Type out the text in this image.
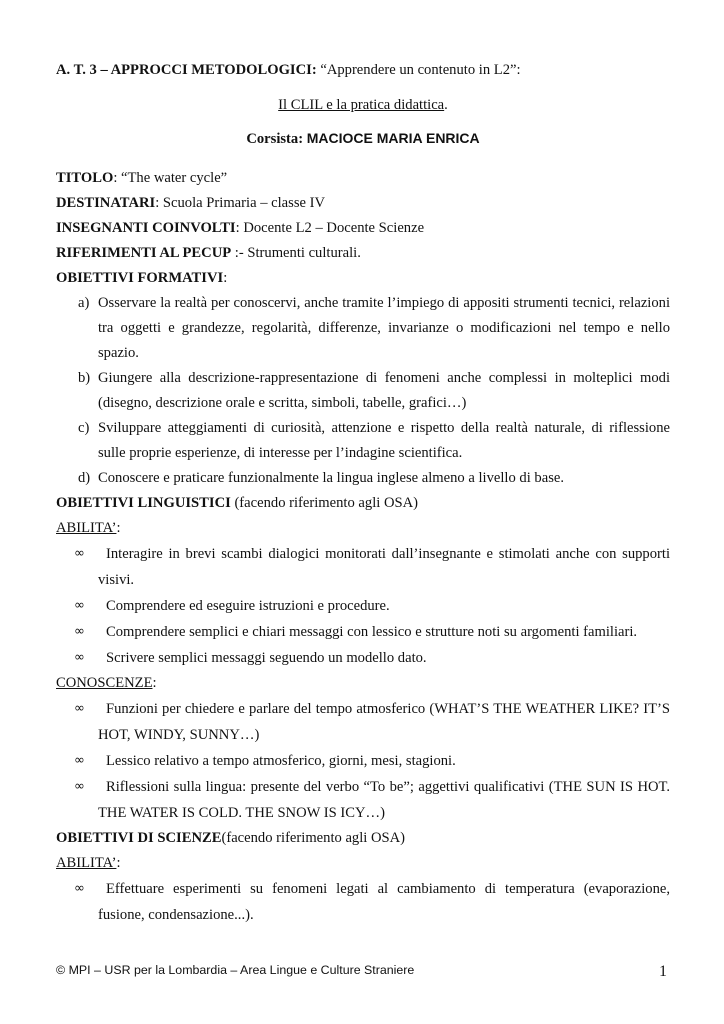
A. T. 3 – APPROCCI METODOLOGICI: “Apprendere un contenuto in L2”:
Il CLIL e la pratica didattica.
Corsista: MACIOCE MARIA ENRICA
TITOLO: “The water cycle”
DESTINATARI: Scuola Primaria – classe IV
INSEGNANTI COINVOLTI: Docente L2 – Docente Scienze
RIFERIMENTI AL PECUP :- Strumenti culturali.
OBIETTIVI FORMATIVI:
a) Osservare la realtà per conoscervi, anche tramite l’impiego di appositi strumenti tecnici, relazioni tra oggetti e grandezze, regolarità, differenze, invarianze o modificazioni nel tempo e nello spazio.
b) Giungere alla descrizione-rappresentazione di fenomeni anche complessi in molteplici modi (disegno, descrizione orale e scritta, simboli, tabelle, grafici…)
c) Sviluppare atteggiamenti di curiosità, attenzione e rispetto della realtà naturale, di riflessione sulle proprie esperienze, di interesse per l’indagine scientifica.
d) Conoscere e praticare funzionalmente la lingua inglese almeno a livello di base.
OBIETTIVI LINGUISTICI (facendo riferimento agli OSA)
ABILITA’:
∞ Interagire in brevi scambi dialogici monitorati dall’insegnante e stimolati anche con supporti visivi.
∞ Comprendere ed eseguire istruzioni e procedure.
∞ Comprendere semplici e chiari messaggi con lessico e strutture noti su argomenti familiari.
∞ Scrivere semplici messaggi seguendo un modello dato.
CONOSCENZE:
∞ Funzioni per chiedere e parlare del tempo atmosferico (WHAT’S THE WEATHER LIKE? IT’S HOT, WINDY, SUNNY…)
∞ Lessico relativo a tempo atmosferico, giorni, mesi, stagioni.
∞ Riflessioni sulla lingua: presente del verbo “To be”; aggettivi qualificativi (THE SUN IS HOT. THE WATER IS COLD. THE SNOW IS ICY…)
OBIETTIVI DI SCIENZE(facendo riferimento agli OSA)
ABILITA’:
∞ Effettuare esperimenti su fenomeni legati al cambiamento di temperatura (evaporazione, fusione, condensazione...).
© MPI – USR per la Lombardia – Area Lingue e Culture Straniere	1
